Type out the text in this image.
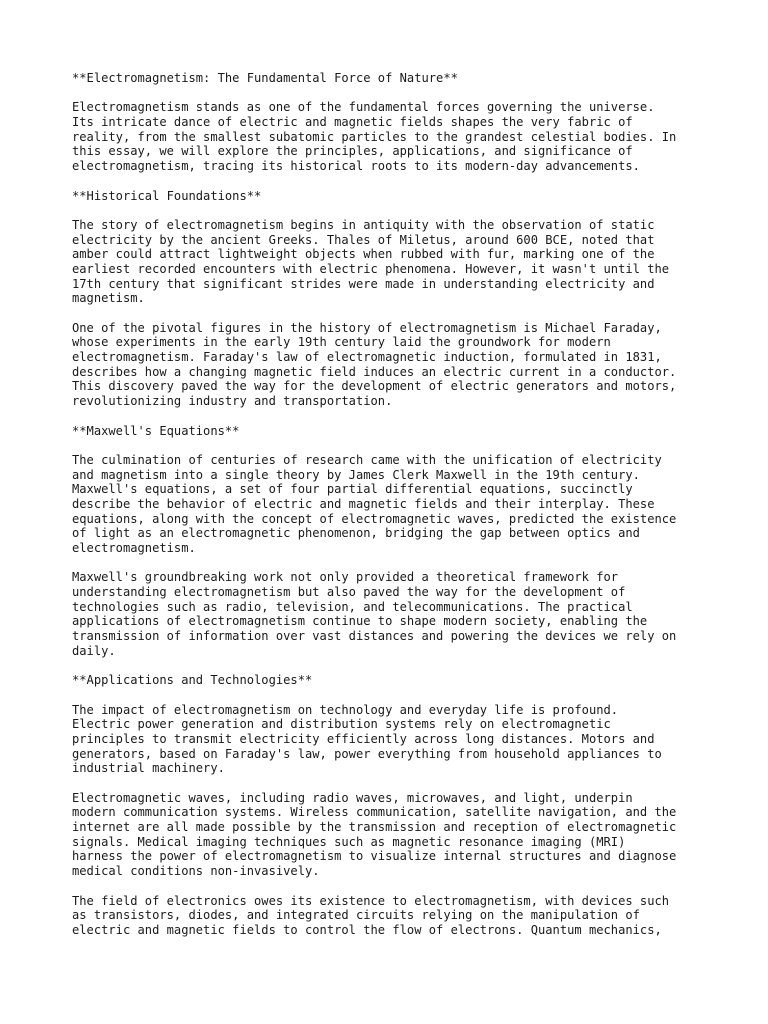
**Electromagnetism: The Fundamental Force of Nature**
Electromagnetism stands as one of the fundamental forces governing the universe.
Its intricate dance of electric and magnetic fields shapes the very fabric of
reality, from the smallest subatomic particles to the grandest celestial bodies. In
this essay, we will explore the principles, applications, and significance of
electromagnetism, tracing its historical roots to its modern-day advancements.
**Historical Foundations**
The story of electromagnetism begins in antiquity with the observation of static
electricity by the ancient Greeks. Thales of Miletus, around 600 BCE, noted that
amber could attract lightweight objects when rubbed with fur, marking one of the
earliest recorded encounters with electric phenomena. However, it wasn't until the
17th century that significant strides were made in understanding electricity and
magnetism.
One of the pivotal figures in the history of electromagnetism is Michael Faraday,
whose experiments in the early 19th century laid the groundwork for modern
electromagnetism. Faraday's law of electromagnetic induction, formulated in 1831,
describes how a changing magnetic field induces an electric current in a conductor.
This discovery paved the way for the development of electric generators and motors,
revolutionizing industry and transportation.
**Maxwell's Equations**
The culmination of centuries of research came with the unification of electricity
and magnetism into a single theory by James Clerk Maxwell in the 19th century.
Maxwell's equations, a set of four partial differential equations, succinctly
describe the behavior of electric and magnetic fields and their interplay. These
equations, along with the concept of electromagnetic waves, predicted the existence
of light as an electromagnetic phenomenon, bridging the gap between optics and
electromagnetism.
Maxwell's groundbreaking work not only provided a theoretical framework for
understanding electromagnetism but also paved the way for the development of
technologies such as radio, television, and telecommunications. The practical
applications of electromagnetism continue to shape modern society, enabling the
transmission of information over vast distances and powering the devices we rely on
daily.
**Applications and Technologies**
The impact of electromagnetism on technology and everyday life is profound.
Electric power generation and distribution systems rely on electromagnetic
principles to transmit electricity efficiently across long distances. Motors and
generators, based on Faraday's law, power everything from household appliances to
industrial machinery.
Electromagnetic waves, including radio waves, microwaves, and light, underpin
modern communication systems. Wireless communication, satellite navigation, and the
internet are all made possible by the transmission and reception of electromagnetic
signals. Medical imaging techniques such as magnetic resonance imaging (MRI)
harness the power of electromagnetism to visualize internal structures and diagnose
medical conditions non-invasively.
The field of electronics owes its existence to electromagnetism, with devices such
as transistors, diodes, and integrated circuits relying on the manipulation of
electric and magnetic fields to control the flow of electrons. Quantum mechanics,
